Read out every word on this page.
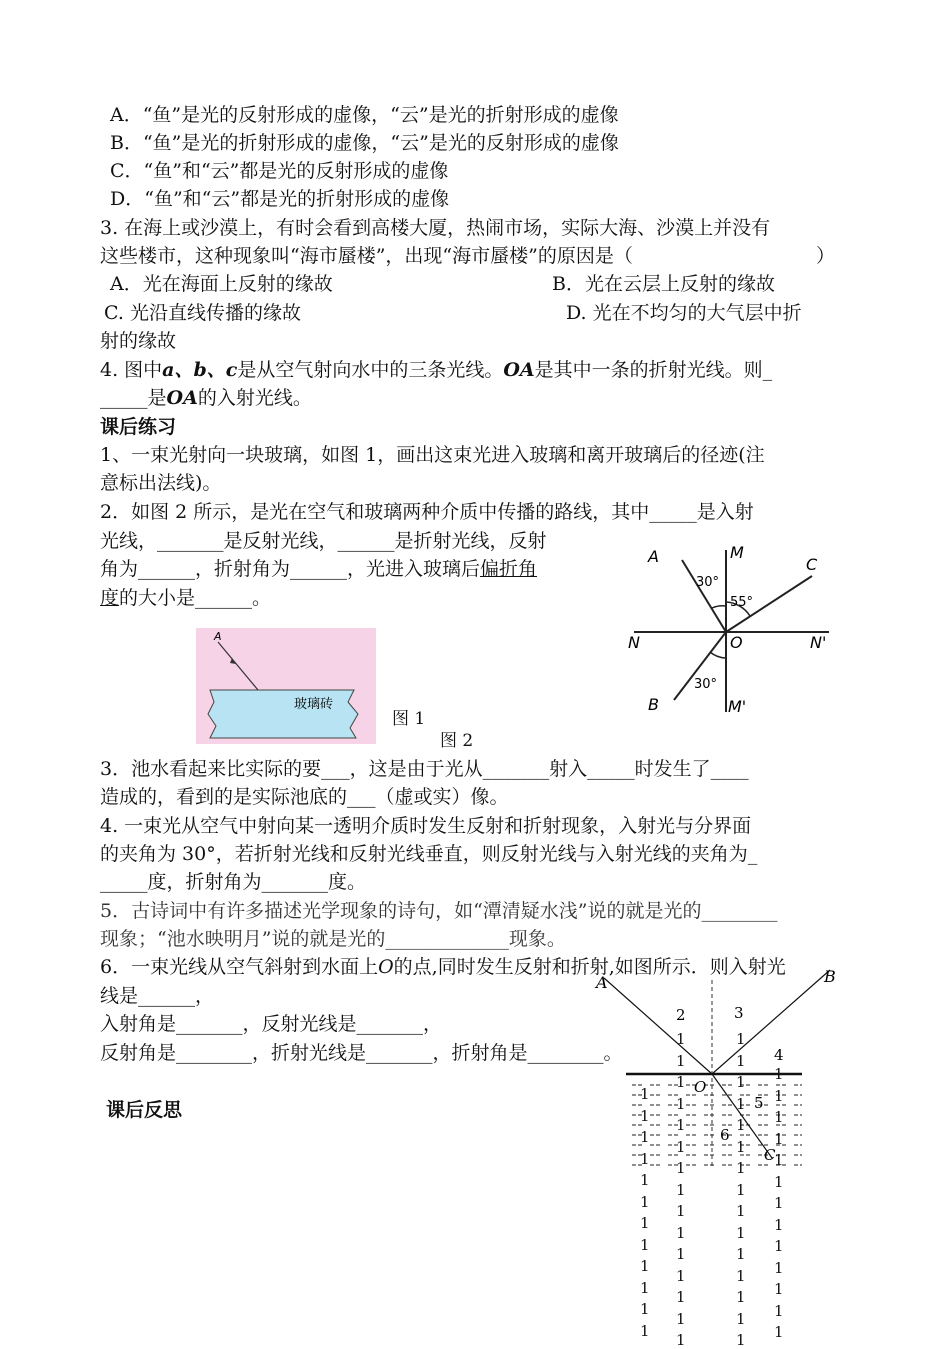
A．“鱼”是光的反射形成的虚像，“云”是光的折射形成的虚像
B．“鱼”是光的折射形成的虚像，“云”是光的反射形成的虚像
C．“鱼”和“云”都是光的反射形成的虚像
D．“鱼”和“云”都是光的折射形成的虚像
3. 在海上或沙漠上，有时会看到高楼大厦，热闹市场，实际大海、沙漠上并没有
这些楼市，这种现象叫“海市蜃楼”，出现“海市蜃楼”的原因是（	）
A．光在海面上反射的缘故	B．光在云层上反射的缘故
C. 光沿直线传播的缘故	D. 光在不均匀的大气层中折
射的缘故
4. 图中a、b、c是从空气射向水中的三条光线。OA是其中一条的折射光线。则_
_____是OA的入射光线。
课后练习
1、一束光射向一块玻璃，如图 1，画出这束光进入玻璃和离开玻璃后的径迹(注
意标出法线)。
2．如图 2 所示，是光在空气和玻璃两种介质中传播的路线，其中_____是入射
光线，_______是反射光线，______是折射光线，反射
角为______，折射角为______，光进入玻璃后偏折角
度的大小是______。
A
玻璃砖
图 1
A	M
C
N	O	N'
B	M'
30°
55°
30°
图 2
3．池水看起来比实际的要___，这是由于光从_______射入_____时发生了____
造成的，看到的是实际池底的___（虚或实）像。
4. 一束光从空气中射向某一透明介质时发生反射和折射现象，入射光与分界面
的夹角为 30°，若折射光线和反射光线垂直，则反射光线与入射光线的夹角为_
_____度，折射角为_______度。
5．古诗词中有许多描述光学现象的诗句，如“潭清疑水浅”说的就是光的________
现象；“池水映明月”说的就是光的_____________现象。
6．一束光线从空气斜射到水面上O的点,同时发生反射和折射,如图所示．则入射光
线是______，
入射角是_______，反射光线是_______，
反射角是________，折射光线是_______，折射角是________。
A	B
O
C
2	3
4
5
6
1
1
1
1
1
1
1
1
1
1
1
1
1
1
1
1
1
1
1
1
1
1
1
1
1
1
1
1
1
1
1
1
1
1
1
1
1
1
1
1
1
1
1
1
1
1
1
1
1
1
1
1
1
1
1
课后反思
